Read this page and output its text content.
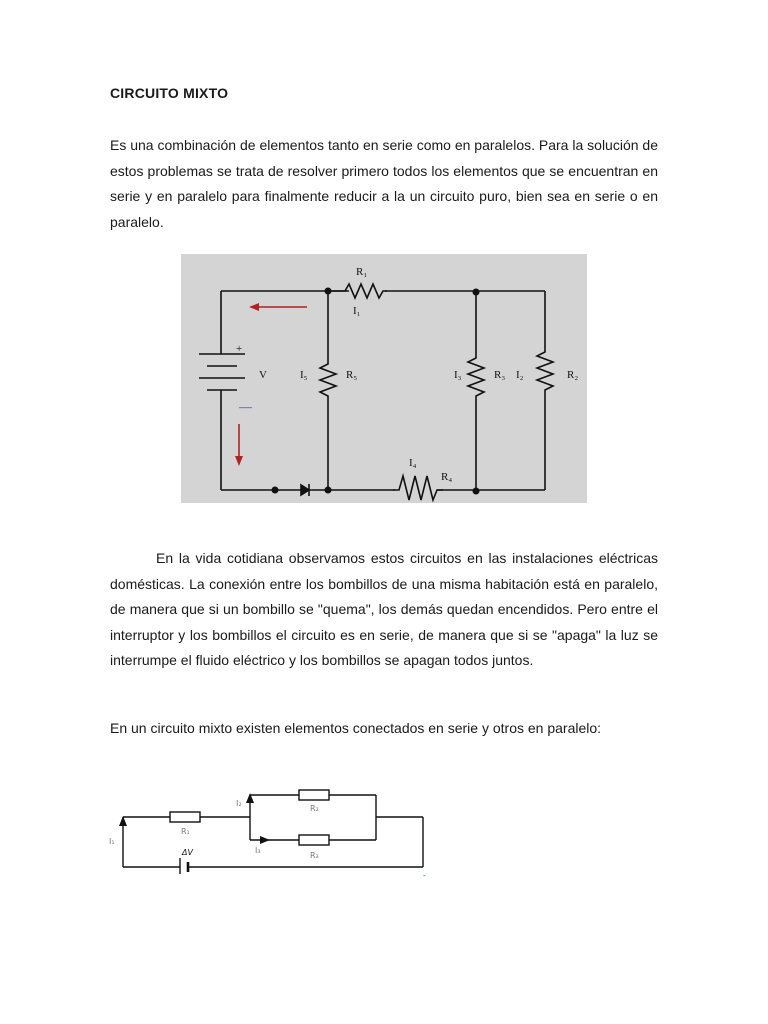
CIRCUITO MIXTO

Es una combinación de elementos tanto en serie como en paralelos. Para la solución de estos problemas se trata de resolver primero todos los elementos que se encuentran en serie y en paralelo para finalmente reducir a la un circuito puro, bien sea en serie o en paralelo.

R₁
I₁
+
—
V	I₅	R₅	I₃	R₃ I₂	R₂
I₄
R₄

En la vida cotidiana observamos estos circuitos en las instalaciones eléctricas domésticas. La conexión entre los bombillos de una misma habitación está en paralelo, de manera que si un bombillo se "quema", los demás quedan encendidos. Pero entre el interruptor y los bombillos el circuito es en serie, de manera que si se "apaga" la luz se interrumpe el fluido eléctrico y los bombillos se apagan todos juntos.

En un circuito mixto existen elementos conectados en serie y otros en paralelo:

I₁
R₁
I₂
R₂
I₃
R₃
ΔV
-
